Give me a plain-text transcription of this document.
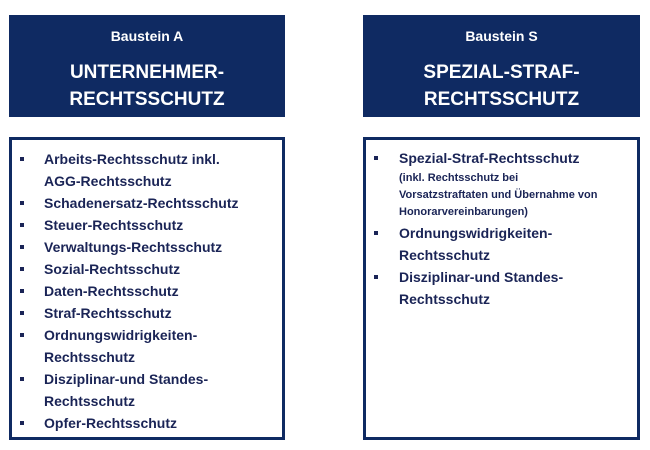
Baustein A
UNTERNEHMER-
RECHTSSCHUTZ
Baustein S
SPEZIAL-STRAF-
RECHTSSCHUTZ
Arbeits-Rechtsschutz inkl.
AGG-Rechtsschutz
Schadenersatz-Rechtsschutz
Steuer-Rechtsschutz
Verwaltungs-Rechtsschutz
Sozial-Rechtsschutz
Daten-Rechtsschutz
Straf-Rechtsschutz
Ordnungswidrigkeiten-
Rechtsschutz
Disziplinar-und Standes-
Rechtsschutz
Opfer-Rechtsschutz
Spezial-Straf-Rechtsschutz
(inkl. Rechtsschutz bei
Vorsatzstraftaten und Übernahme von
Honorarvereinbarungen)
Ordnungswidrigkeiten-
Rechtsschutz
Disziplinar-und Standes-
Rechtsschutz
